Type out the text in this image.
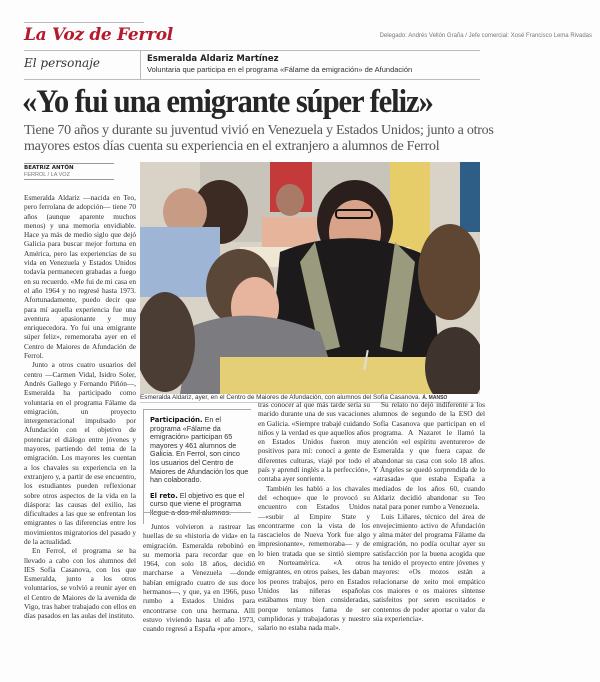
La Voz de Ferrol	Delegado: Andrés Vellón Graña / Jefe comercial: Xosé Francisco Lema Rivadas
El personaje	Esmeralda Aldariz Martínez
Voluntaria que participa en el programa «Fálame da emigración» de Afundación
«Yo fui una emigrante súper feliz»
Tiene 70 años y durante su juventud vivió en Venezuela y Estados Unidos; junto a otros mayores estos días cuenta su experiencia en el extranjero a alumnos de Ferrol
BEATRIZ ANTÓN
FERROL / LA VOZ

Esmeralda Aldariz —nacida en Teo, pero ferrolana de adopción— tiene 70 años (aunque aparente muchos menos) y una memoria envidiable. Hace ya más de medio siglo que dejó Galicia para buscar mejor fortuna en América, pero las experiencias de su vida en Venezuela y Estados Unidos todavía permanecen grabadas a fuego en su recuerdo. «Me fui de mi casa en el año 1964 y no regresé hasta 1973. Afortunadamente, puedo decir que para mí aquella experiencia fue una aventura apasionante y muy enriquecedora. Yo fui una emigrante súper feliz», rememoraba ayer en el Centro de Maiores de Afundación de Ferrol.

Junto a otros cuatro usuarios del centro —Carmen Vidal, Isidro Soler, Andrés Gallego y Fernando Piñón—, Esmeralda ha participado como voluntaria en el programa Fálame da emigración, un proyecto intergeneracional impulsado por Afundación con el objetivo de potenciar el diálogo entre jóvenes y mayores, partiendo del tema de la emigración. Los mayores les cuentan a los chavales su experiencia en la extranjero y, a partir de ese encuentro, los estudiantes pueden reflexionar sobre otros aspectos de la vida en la diáspora: las causas del exilio, las dificultades a las que se enfrentan los emigrantes o las diferencias entre los movimientos migratorios del pasado y de la actualidad.

En Ferrol, el programa se ha llevado a cabo con los alumnos del IES Sofía Casanova, con los que Esmeralda, junto a los otros voluntarios, se volvió a reunir ayer en el Centro de Maiores de la avenida de Vigo, tras haber trabajado con ellos en días pasados en las aulas del instituto.

Esmeralda Aldariz, ayer, en el Centro de Maiores de Afundación, con alumnos del Sofía Casanova. Á. MANSO

Participación. En el programa «Fálame da emigración» participan 65 mayores y 461 alumnos de Galicia. En Ferrol, son cinco los usuarios del Centro de Maiores de Afundación los que han colaborado.

El reto. El objetivo es que el curso que viene el programa llegue a dos mil alumnos.

Juntos volvieron a rastrear las huellas de su «historia de vida» en la emigración. Esmeralda rebobinó en su memoria para recordar que en 1964, con solo 18 años, decidió marcharse a Venezuela —donde habían emigrado cuatro de sus doce hermanos—, y que, ya en 1966, puso rumbo a Estados Unidos para encontrarse con una hermana. Allí estuvo viviendo hasta el año 1973, cuando regresó a España «por amor»,

tras conocer al que más tarde sería su marido durante una de sus vacaciones en Galicia. «Siempre trabajé cuidando niños y la verdad es que aquellos años en Estados Unidos fueron muy positivos para mí: conocí a gente de diferentes culturas, viajé por todo el país y aprendí inglés a la perfección», contaba ayer sonriente.

También les habló a los chavales del «choque» que le provocó su encuentro con Estados Unidos —«subir al Empire State y encontrarme con la vista de los rascacielos de Nueva York fue algo impresionante», rememoraba— y de lo bien tratada que se sintió siempre en Norteamérica. «A otros emigrantes, en otros países, les daban los peores trabajos, pero en Estados Unidos las niñeras españolas estábamos muy bien consideradas, porque teníamos fama de ser cumplidoras y trabajadoras y nuestro salario no estaba nada mal».

Su relato no dejó indiferente a los alumnos de segundo de la ESO del Sofía Casanova que participan en el programa. A Nazaret le llamó la atención «el espíritu aventurero» de Esmeralda y que fuera capaz de abandonar su casa con solo 18 años. Y Ángeles se quedó sorprendida de lo «atrasada» que estaba España a mediados de los años 60, cuando Aldariz decidió abandonar su Teo natal para poner rumbo a Venezuela.

Luis Liñares, técnico del área de envejecimiento activo de Afundación y alma máter del programa Fálame da emigración, no podía ocultar ayer su satisfacción por la buena acogida que ha tenido el proyecto entre jóvenes y mayores: «Os mozos están a relacionarse de xeito moi empático cos maiores e os maiores síntense satisfeitos por seren escoitados e contentos de poder aportar o valor da súa experiencia».
